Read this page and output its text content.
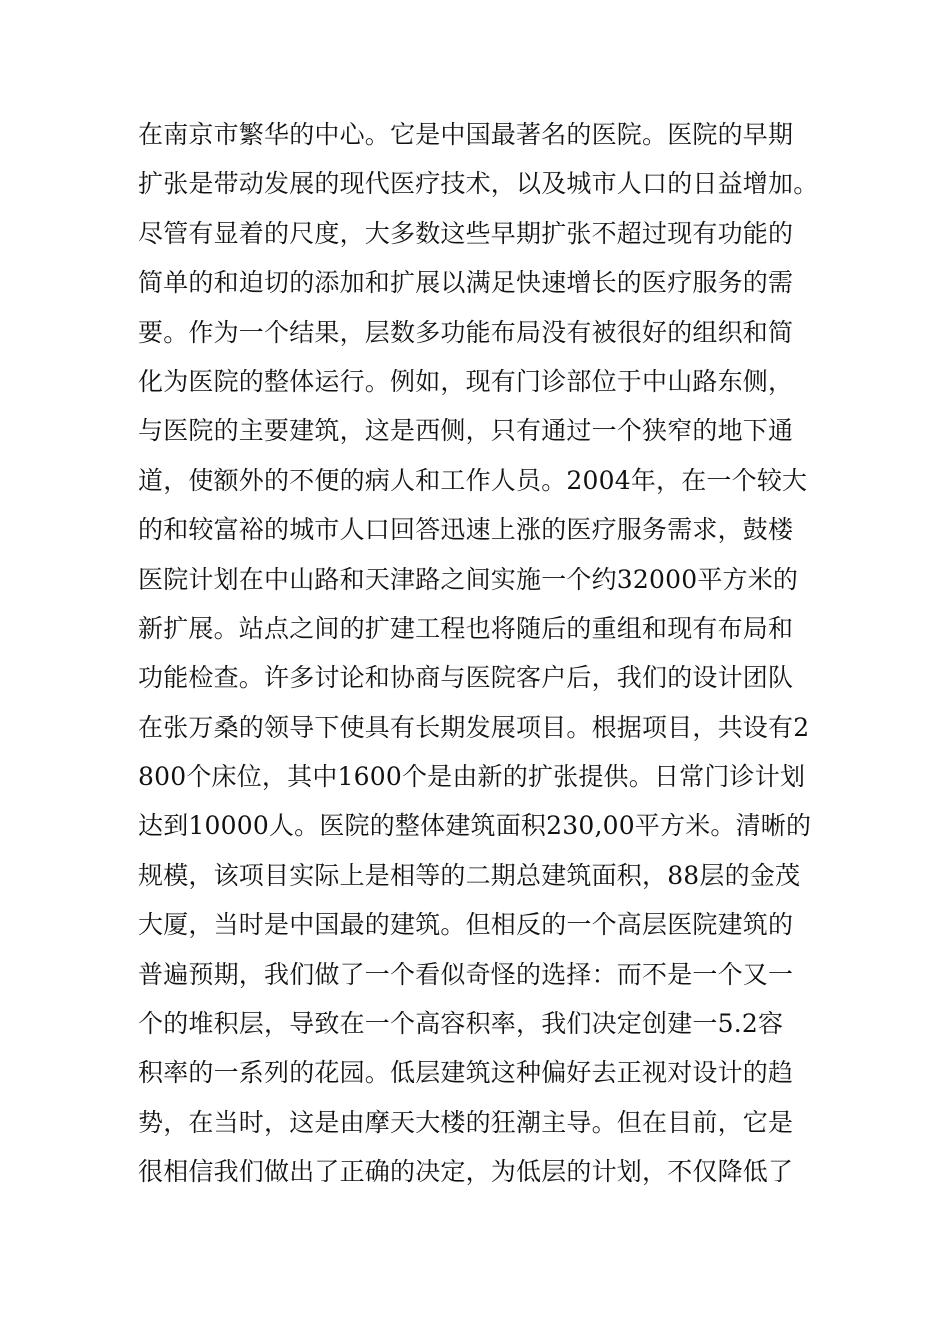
在南京市繁华的中心。它是中国最著名的医院。医院的早期
扩张是带动发展的现代医疗技术，以及城市人口的日益增加。
尽管有显着的尺度，大多数这些早期扩张不超过现有功能的
简单的和迫切的添加和扩展以满足快速增长的医疗服务的需
要。作为一个结果，层数多功能布局没有被很好的组织和简
化为医院的整体运行。例如，现有门诊部位于中山路东侧，
与医院的主要建筑，这是西侧，只有通过一个狭窄的地下通
道，使额外的不便的病人和工作人员。2004年，在一个较大
的和较富裕的城市人口回答迅速上涨的医疗服务需求，鼓楼
医院计划在中山路和天津路之间实施一个约32000平方米的
新扩展。站点之间的扩建工程也将随后的重组和现有布局和
功能检查。许多讨论和协商与医院客户后，我们的设计团队
在张万桑的领导下使具有长期发展项目。根据项目，共设有2
800个床位，其中1600个是由新的扩张提供。日常门诊计划
达到10000人。医院的整体建筑面积230,00平方米。清晰的
规模，该项目实际上是相等的二期总建筑面积，88层的金茂
大厦，当时是中国最的建筑。但相反的一个高层医院建筑的
普遍预期，我们做了一个看似奇怪的选择：而不是一个又一
个的堆积层，导致在一个高容积率，我们决定创建一5.2容
积率的一系列的花园。低层建筑这种偏好去正视对设计的趋
势，在当时，这是由摩天大楼的狂潮主导。但在目前，它是
很相信我们做出了正确的决定，为低层的计划，不仅降低了
